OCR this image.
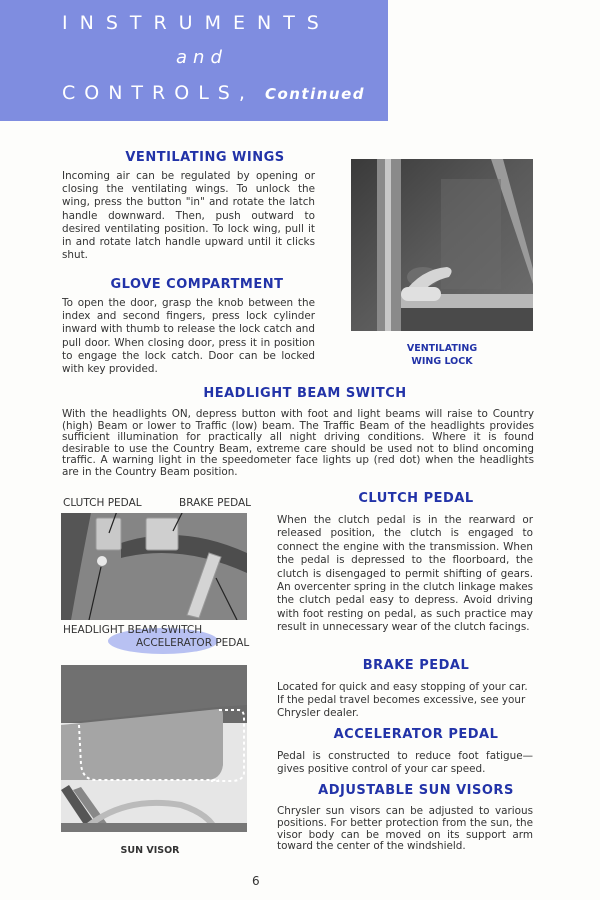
INSTRUMENTS
and
CONTROLS, Continued
VENTILATING WINGS
Incoming air can be regulated by opening or closing the ventilating wings. To unlock the wing, press the button "in" and rotate the latch handle downward. Then, push outward to desired ventilating position. To lock wing, pull it in and rotate latch handle upward until it clicks shut.
GLOVE COMPARTMENT
To open the door, grasp the knob between the index and second fingers, press lock cylinder inward with thumb to release the lock catch and pull door. When closing door, press it in position to engage the lock catch. Door can be locked with key provided.
VENTILATING
WING LOCK
HEADLIGHT BEAM SWITCH
With the headlights ON, depress button with foot and light beams will raise to Country (high) Beam or lower to Traffic (low) beam. The Traffic Beam of the headlights provides sufficient illumination for practically all night driving conditions. Where it is found desirable to use the Country Beam, extreme care should be used not to blind oncoming traffic. A warning light in the speedometer face lights up (red dot) when the headlights are in the Country Beam position.
CLUTCH PEDAL	BRAKE PEDAL
HEADLIGHT BEAM SWITCH
ACCELERATOR PEDAL
CLUTCH PEDAL
When the clutch pedal is in the rearward or released position, the clutch is engaged to connect the engine with the transmission. When the pedal is depressed to the floorboard, the clutch is disengaged to permit shifting of gears. An overcenter spring in the clutch linkage makes the clutch pedal easy to depress. Avoid driving with foot resting on pedal, as such practice may result in unnecessary wear of the clutch facings.
BRAKE PEDAL
Located for quick and easy stopping of your car. If the pedal travel becomes excessive, see your Chrysler dealer.
ACCELERATOR PEDAL
Pedal is constructed to reduce foot fatigue—gives positive control of your car speed.
ADJUSTABLE SUN VISORS
Chrysler sun visors can be adjusted to various positions. For better protection from the sun, the visor body can be moved on its support arm toward the center of the windshield.
SUN VISOR
6
